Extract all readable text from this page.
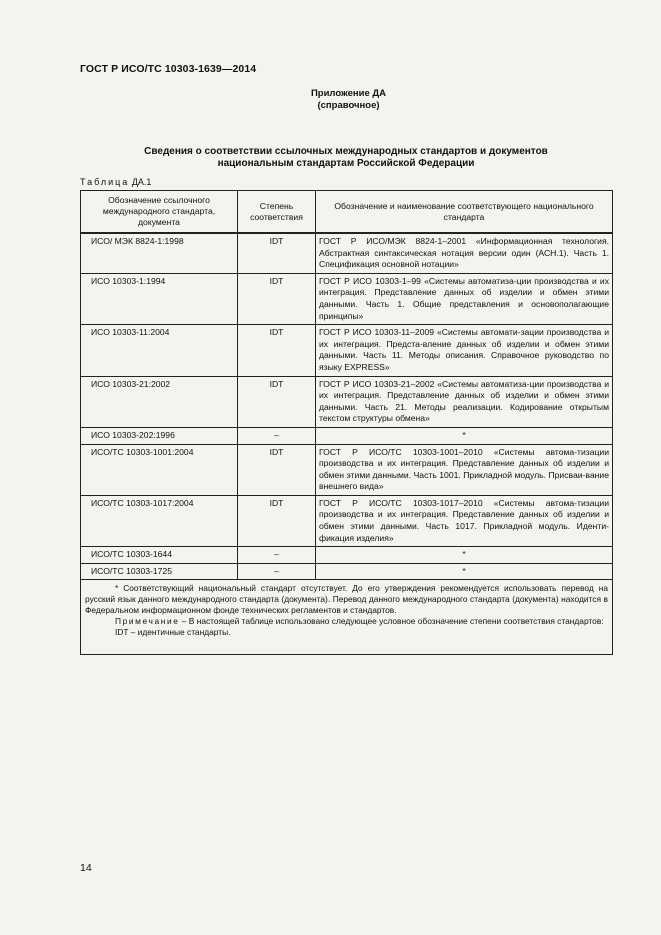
ГОСТ Р ИСО/ТС 10303-1639—2014
Приложение ДА
(справочное)
Сведения о соответствии ссылочных международных стандартов и документов
национальным стандартам Российской Федерации
Таблица ДА.1
Обозначение ссылочного международного стандарта, документа	Степень соответствия	Обозначение и наименование соответствующего национального стандарта
ИСО/ МЭК 8824-1:1998	IDT	ГОСТ Р ИСО/МЭК 8824-1–2001 «Информационная технология. Абстрактная синтаксическая нотация версии один (АСН.1). Часть 1. Спецификация основной нотации»
ИСО 10303-1:1994	IDT	ГОСТ Р ИСО 10303-1–99 «Системы автоматиза-ции производства и их интеграция. Представление данных об изделии и обмен этими данными. Часть 1. Общие представления и основополагающие принципы»
ИСО 10303-11:2004	IDT	ГОСТ Р ИСО 10303-11–2009 «Системы автомати-зации производства и их интеграция. Предста-вление данных об изделии и обмен этими данными. Часть 11. Методы описания. Справочное руководство по языку EXPRESS»
ИСО 10303-21:2002	IDT	ГОСТ Р ИСО 10303-21–2002 «Системы автоматиза-ции производства и их интеграция. Представление данных об изделии и обмен этими данными. Часть 21. Методы реализации. Кодирование открытым текстом структуры обмена»
ИСО 10303-202:1996	–	*
ИСО/ТС 10303-1001:2004	IDT	ГОСТ Р ИСО/ТС 10303-1001–2010 «Системы автома-тизации производства и их интеграция. Представление данных об изделии и обмен этими данными. Часть 1001. Прикладной модуль. Присваи-вание внешнего вида»
ИСО/ТС 10303-1017:2004	IDT	ГОСТ Р ИСО/ТС 10303-1017–2010 «Системы автома-тизации производства и их интеграция. Представление данных об изделии и обмен этими данными. Часть 1017. Прикладной модуль. Иденти-фикация изделия»
ИСО/ТС 10303-1644	–	*
ИСО/ТС 10303-1725	–	*

* Соответствующий национальный стандарт отсутствует. До его утверждения рекомендуется использовать перевод на русский язык данного международного стандарта (документа). Перевод данного международного стандарта (документа) находится в Федеральном информационном фонде технических регламентов и стандартов.

Примечание – В настоящей таблице использовано следующее условное обозначение степени соответствия стандартов:

IDT – идентичные стандарты.		

14
